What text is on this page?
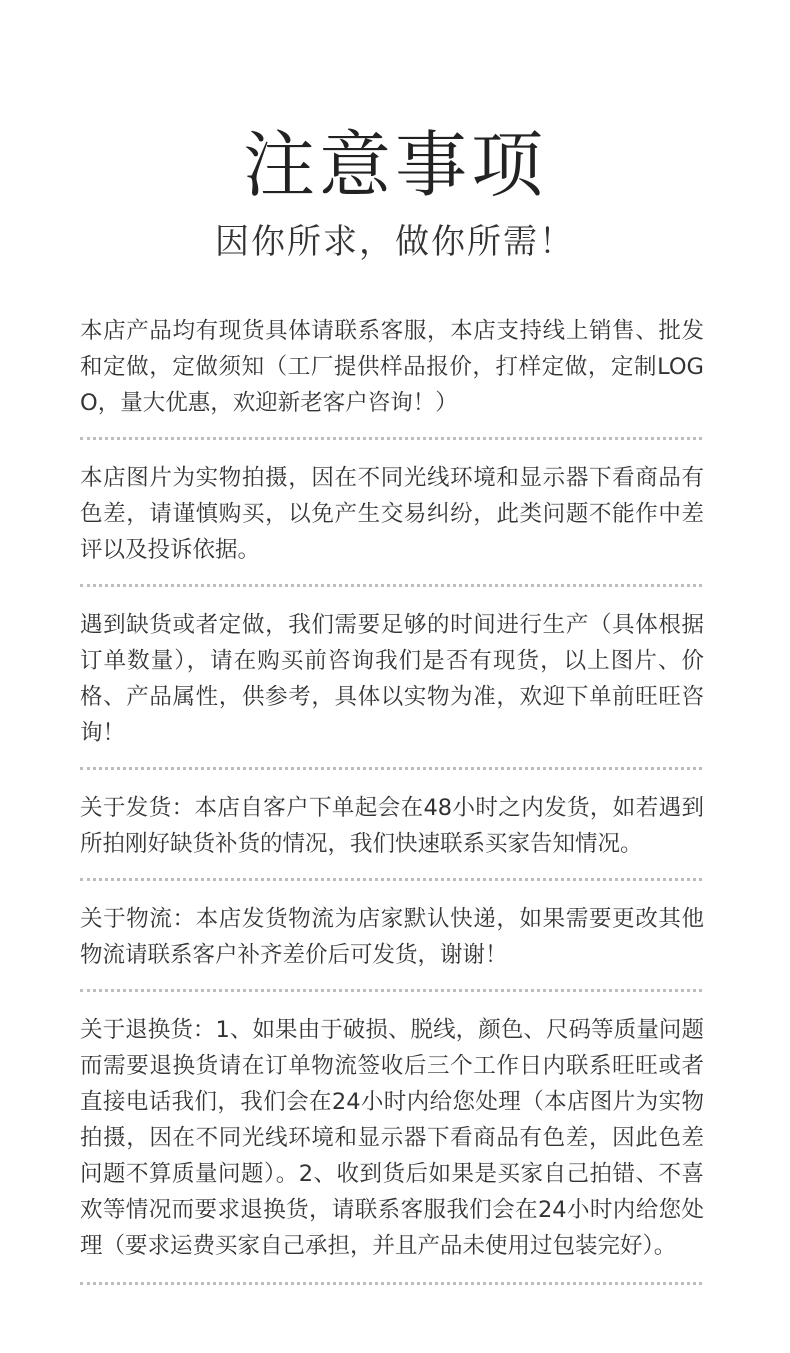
注意事项

因你所求，做你所需！

本店产品均有现货具体请联系客服，本店支持线上销售、批发和定做，定做须知（工厂提供样品报价，打样定做，定制LOGO，量大优惠，欢迎新老客户咨询！）

本店图片为实物拍摄，因在不同光线环境和显示器下看商品有色差，请谨慎购买，以免产生交易纠纷，此类问题不能作中差评以及投诉依据。

遇到缺货或者定做，我们需要足够的时间进行生产（具体根据订单数量），请在购买前咨询我们是否有现货，以上图片、价格、产品属性，供参考，具体以实物为准，欢迎下单前旺旺咨询！

关于发货：本店自客户下单起会在48小时之内发货，如若遇到所拍刚好缺货补货的情况，我们快速联系买家告知情况。

关于物流：本店发货物流为店家默认快递，如果需要更改其他物流请联系客户补齐差价后可发货，谢谢！

关于退换货：1、如果由于破损、脱线，颜色、尺码等质量问题而需要退换货请在订单物流签收后三个工作日内联系旺旺或者直接电话我们，我们会在24小时内给您处理（本店图片为实物拍摄，因在不同光线环境和显示器下看商品有色差，因此色差问题不算质量问题）。2、收到货后如果是买家自己拍错、不喜欢等情况而要求退换货，请联系客服我们会在24小时内给您处理（要求运费买家自己承担，并且产品未使用过包装完好）。
